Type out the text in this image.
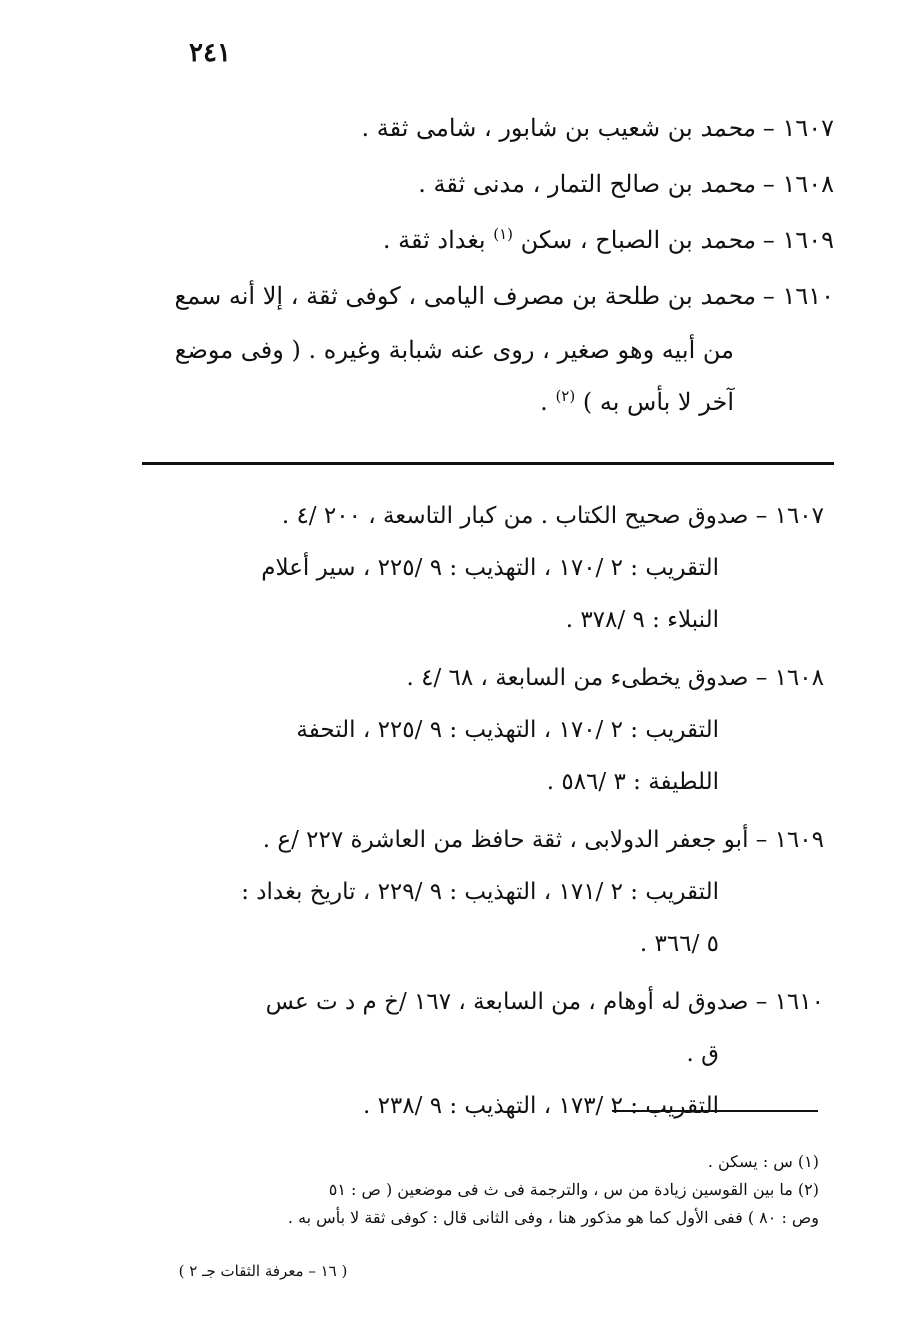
٢٤١

١٦٠٧ – محمد بن شعيب بن شابور ، شامى ثقة .

١٦٠٨ – محمد بن صالح التمار ، مدنى ثقة .

١٦٠٩ – محمد بن الصباح ، سكن $^{(١)}$ بغداد ثقة .

١٦١٠ – محمد بن طلحة بن مصرف اليامى ، كوفى ثقة ، إلا أنه سمع
من أبيه وهو صغير ، روى عنه شبابة وغيره . ( وفى موضع
آخر لا بأس به ) $^{(٢)}$ .

١٦٠٧ – صدوق صحيح الكتاب . من كبار التاسعة ، ٢٠٠ /٤ .
التقريب : ٢ /١٧٠ ، التهذيب : ٩ /٢٢٥ ، سير أعلام
النبلاء : ٩ /٣٧٨ .

١٦٠٨ – صدوق يخطىء من السابعة ، ٦٨ /٤ .
التقريب : ٢ /١٧٠ ، التهذيب : ٩ /٢٢٥ ، التحفة
اللطيفة : ٣ /٥٨٦ .

١٦٠٩ – أبو جعفر الدولابى ، ثقة حافظ من العاشرة ٢٢٧ /ع .
التقريب : ٢ /١٧١ ، التهذيب : ٩ /٢٢٩ ، تاريخ بغداد :
٥ /٣٦٦ .

١٦١٠ – صدوق له أوهام ، من السابعة ، ١٦٧ /خ م د ت عس
ق .
التقريب : ٢ /١٧٣ ، التهذيب : ٩ /٢٣٨ .

(١) س : يسكن .

(٢) ما بين القوسين زيادة من س ، والترجمة فى ث فى موضعين ( ص : ٥١

وص : ٨٠ ) ففى الأول كما هو مذكور هنا ، وفى الثانى قال : كوفى ثقة لا بأس به .

( ١٦ – معرفة الثقات جـ ٢ )
